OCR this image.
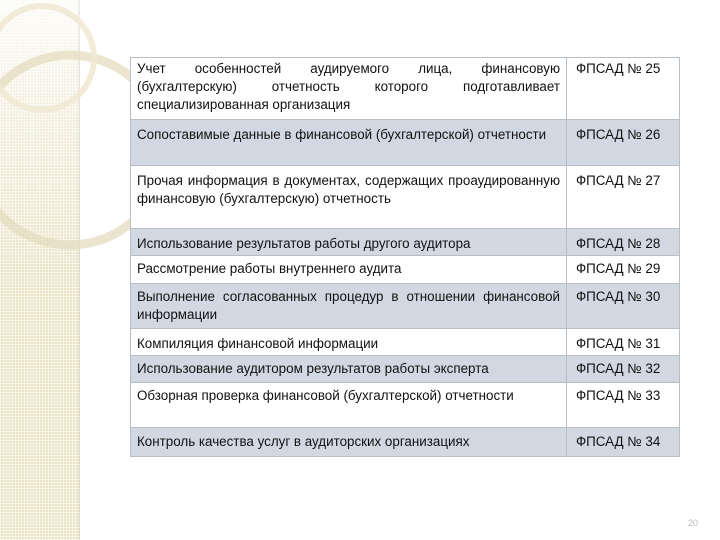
Учет особенностей аудируемого лица, финансовую (бухгалтерскую) отчетность которого подготавливает специализированная организация	ФПСАД № 25
Сопоставимые данные в финансовой (бухгалтерской) отчетности	ФПСАД № 26
Прочая информация в документах, содержащих проаудированную финансовую (бухгалтерскую) отчетность	ФПСАД № 27
Использование результатов работы другого аудитора	ФПСАД № 28
Рассмотрение работы внутреннего аудита	ФПСАД № 29
Выполнение согласованных процедур в отношении финансовой информации	ФПСАД № 30
Компиляция финансовой информации	ФПСАД № 31
Использование аудитором результатов работы эксперта	ФПСАД № 32
Обзорная проверка финансовой (бухгалтерской) отчетности	ФПСАД № 33
Контроль качества услуг в аудиторских организациях	ФПСАД № 34
20
